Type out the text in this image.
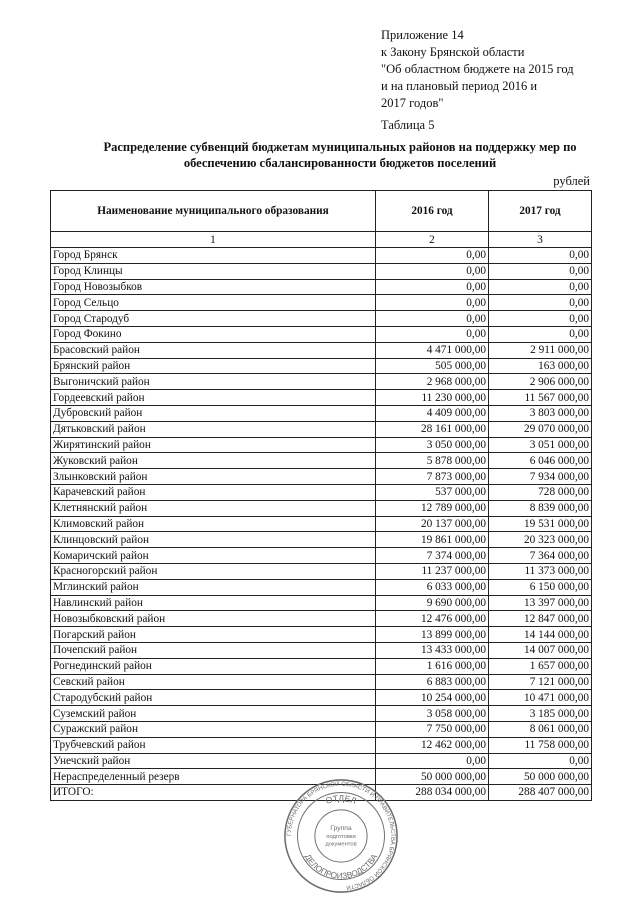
Приложение 14
к Закону Брянской области
"Об областном бюджете на 2015 год
и на плановый период 2016 и
2017 годов"
Таблица 5
Распределение субвенций бюджетам муниципальных районов на поддержку мер по
обеспечению сбалансированности бюджетов поселений
рублей
Наименование муниципального образования	2016 год	2017 год
1	2	3
Город Брянск	0,00	0,00
Город Клинцы	0,00	0,00
Город Новозыбков	0,00	0,00
Город Сельцо	0,00	0,00
Город Стародуб	0,00	0,00
Город Фокино	0,00	0,00
Брасовский район	4 471 000,00	2 911 000,00
Брянский район	505 000,00	163 000,00
Выгоничский район	2 968 000,00	2 906 000,00
Гордеевский район	11 230 000,00	11 567 000,00
Дубровский район	4 409 000,00	3 803 000,00
Дятьковский район	28 161 000,00	29 070 000,00
Жирятинский район	3 050 000,00	3 051 000,00
Жуковский район	5 878 000,00	6 046 000,00
Злынковский район	7 873 000,00	7 934 000,00
Карачевский район	537 000,00	728 000,00
Клетнянский район	12 789 000,00	8 839 000,00
Климовский район	20 137 000,00	19 531 000,00
Клинцовский район	19 861 000,00	20 323 000,00
Комаричский район	7 374 000,00	7 364 000,00
Красногорский район	11 237 000,00	11 373 000,00
Мглинский район	6 033 000,00	6 150 000,00
Навлинский район	9 690 000,00	13 397 000,00
Новозыбковский район	12 476 000,00	12 847 000,00
Погарский район	13 899 000,00	14 144 000,00
Почепский район	13 433 000,00	14 007 000,00
Рогнединский район	1 616 000,00	1 657 000,00
Севский район	6 883 000,00	7 121 000,00
Стародубский район	10 254 000,00	10 471 000,00
Суземский район	3 058 000,00	3 185 000,00
Суражский район	7 750 000,00	8 061 000,00
Трубчевский район	12 462 000,00	11 758 000,00
Унечский район	0,00	0,00
Нераспределенный резерв	50 000 000,00	50 000 000,00
ИТОГО:	288 034 000,00	288 407 000,00
ГУБЕРНАТОРА БРЯНСКОЙ ОБЛАСТИ И ПРАВИТЕЛЬСТВА БРЯНСКОЙ ОБЛАСТИ
ОТДЕЛ
ДЕЛОПРОИЗВОДСТВА
Группа
подготовки
документов
